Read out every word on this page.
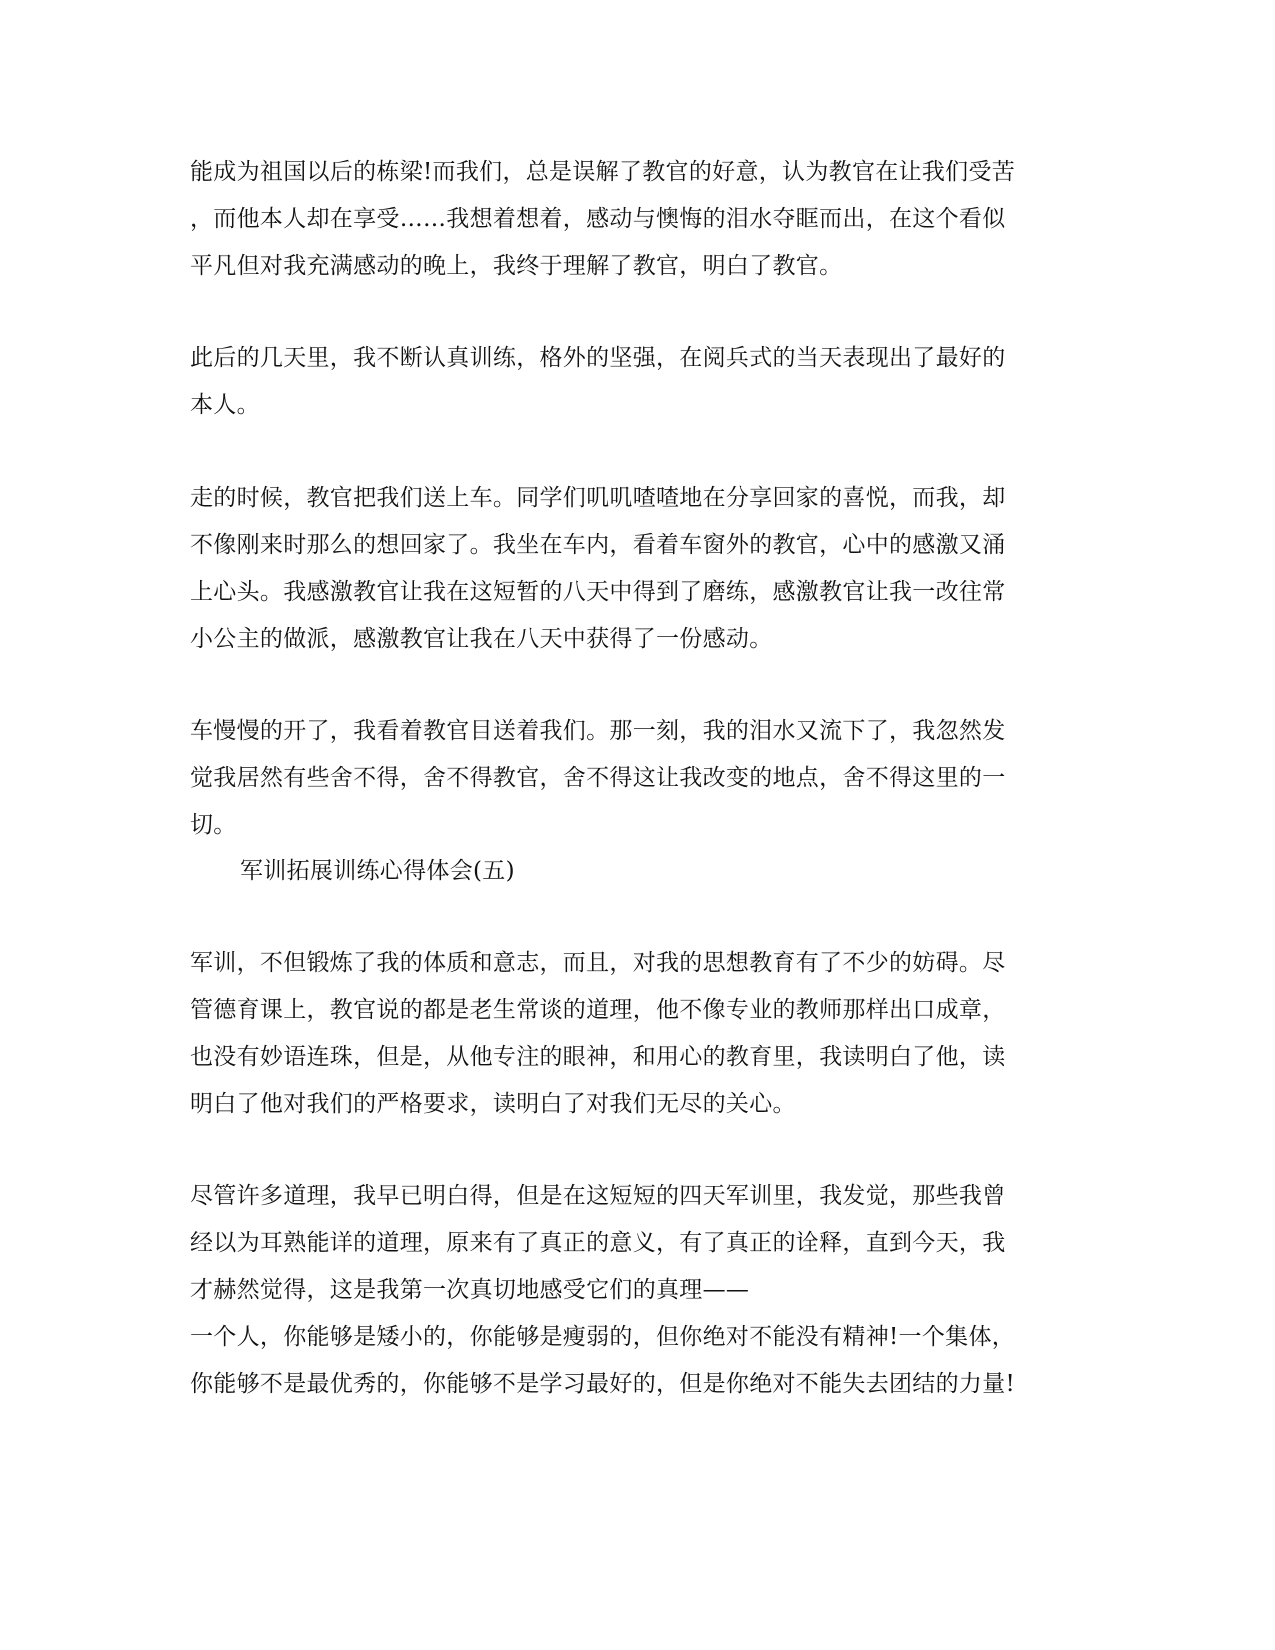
能成为祖国以后的栋梁!而我们，总是误解了教官的好意，认为教官在让我们受苦
，而他本人却在享受……我想着想着，感动与懊悔的泪水夺眶而出，在这个看似
平凡但对我充满感动的晚上，我终于理解了教官，明白了教官。
此后的几天里，我不断认真训练，格外的坚强，在阅兵式的当天表现出了最好的
本人。
走的时候，教官把我们送上车。同学们叽叽喳喳地在分享回家的喜悦，而我，却
不像刚来时那么的想回家了。我坐在车内，看着车窗外的教官，心中的感激又涌
上心头。我感激教官让我在这短暂的八天中得到了磨练，感激教官让我一改往常
小公主的做派，感激教官让我在八天中获得了一份感动。
车慢慢的开了，我看着教官目送着我们。那一刻，我的泪水又流下了，我忽然发
觉我居然有些舍不得，舍不得教官，舍不得这让我改变的地点，舍不得这里的一
切。
军训拓展训练心得体会(五)
军训，不但锻炼了我的体质和意志，而且，对我的思想教育有了不少的妨碍。尽
管德育课上，教官说的都是老生常谈的道理，他不像专业的教师那样出口成章，
也没有妙语连珠，但是，从他专注的眼神，和用心的教育里，我读明白了他，读
明白了他对我们的严格要求，读明白了对我们无尽的关心。
尽管许多道理，我早已明白得，但是在这短短的四天军训里，我发觉，那些我曾
经以为耳熟能详的道理，原来有了真正的意义，有了真正的诠释，直到今天，我
才赫然觉得，这是我第一次真切地感受它们的真理——
一个人，你能够是矮小的，你能够是瘦弱的，但你绝对不能没有精神!一个集体，
你能够不是最优秀的，你能够不是学习最好的，但是你绝对不能失去团结的力量!
